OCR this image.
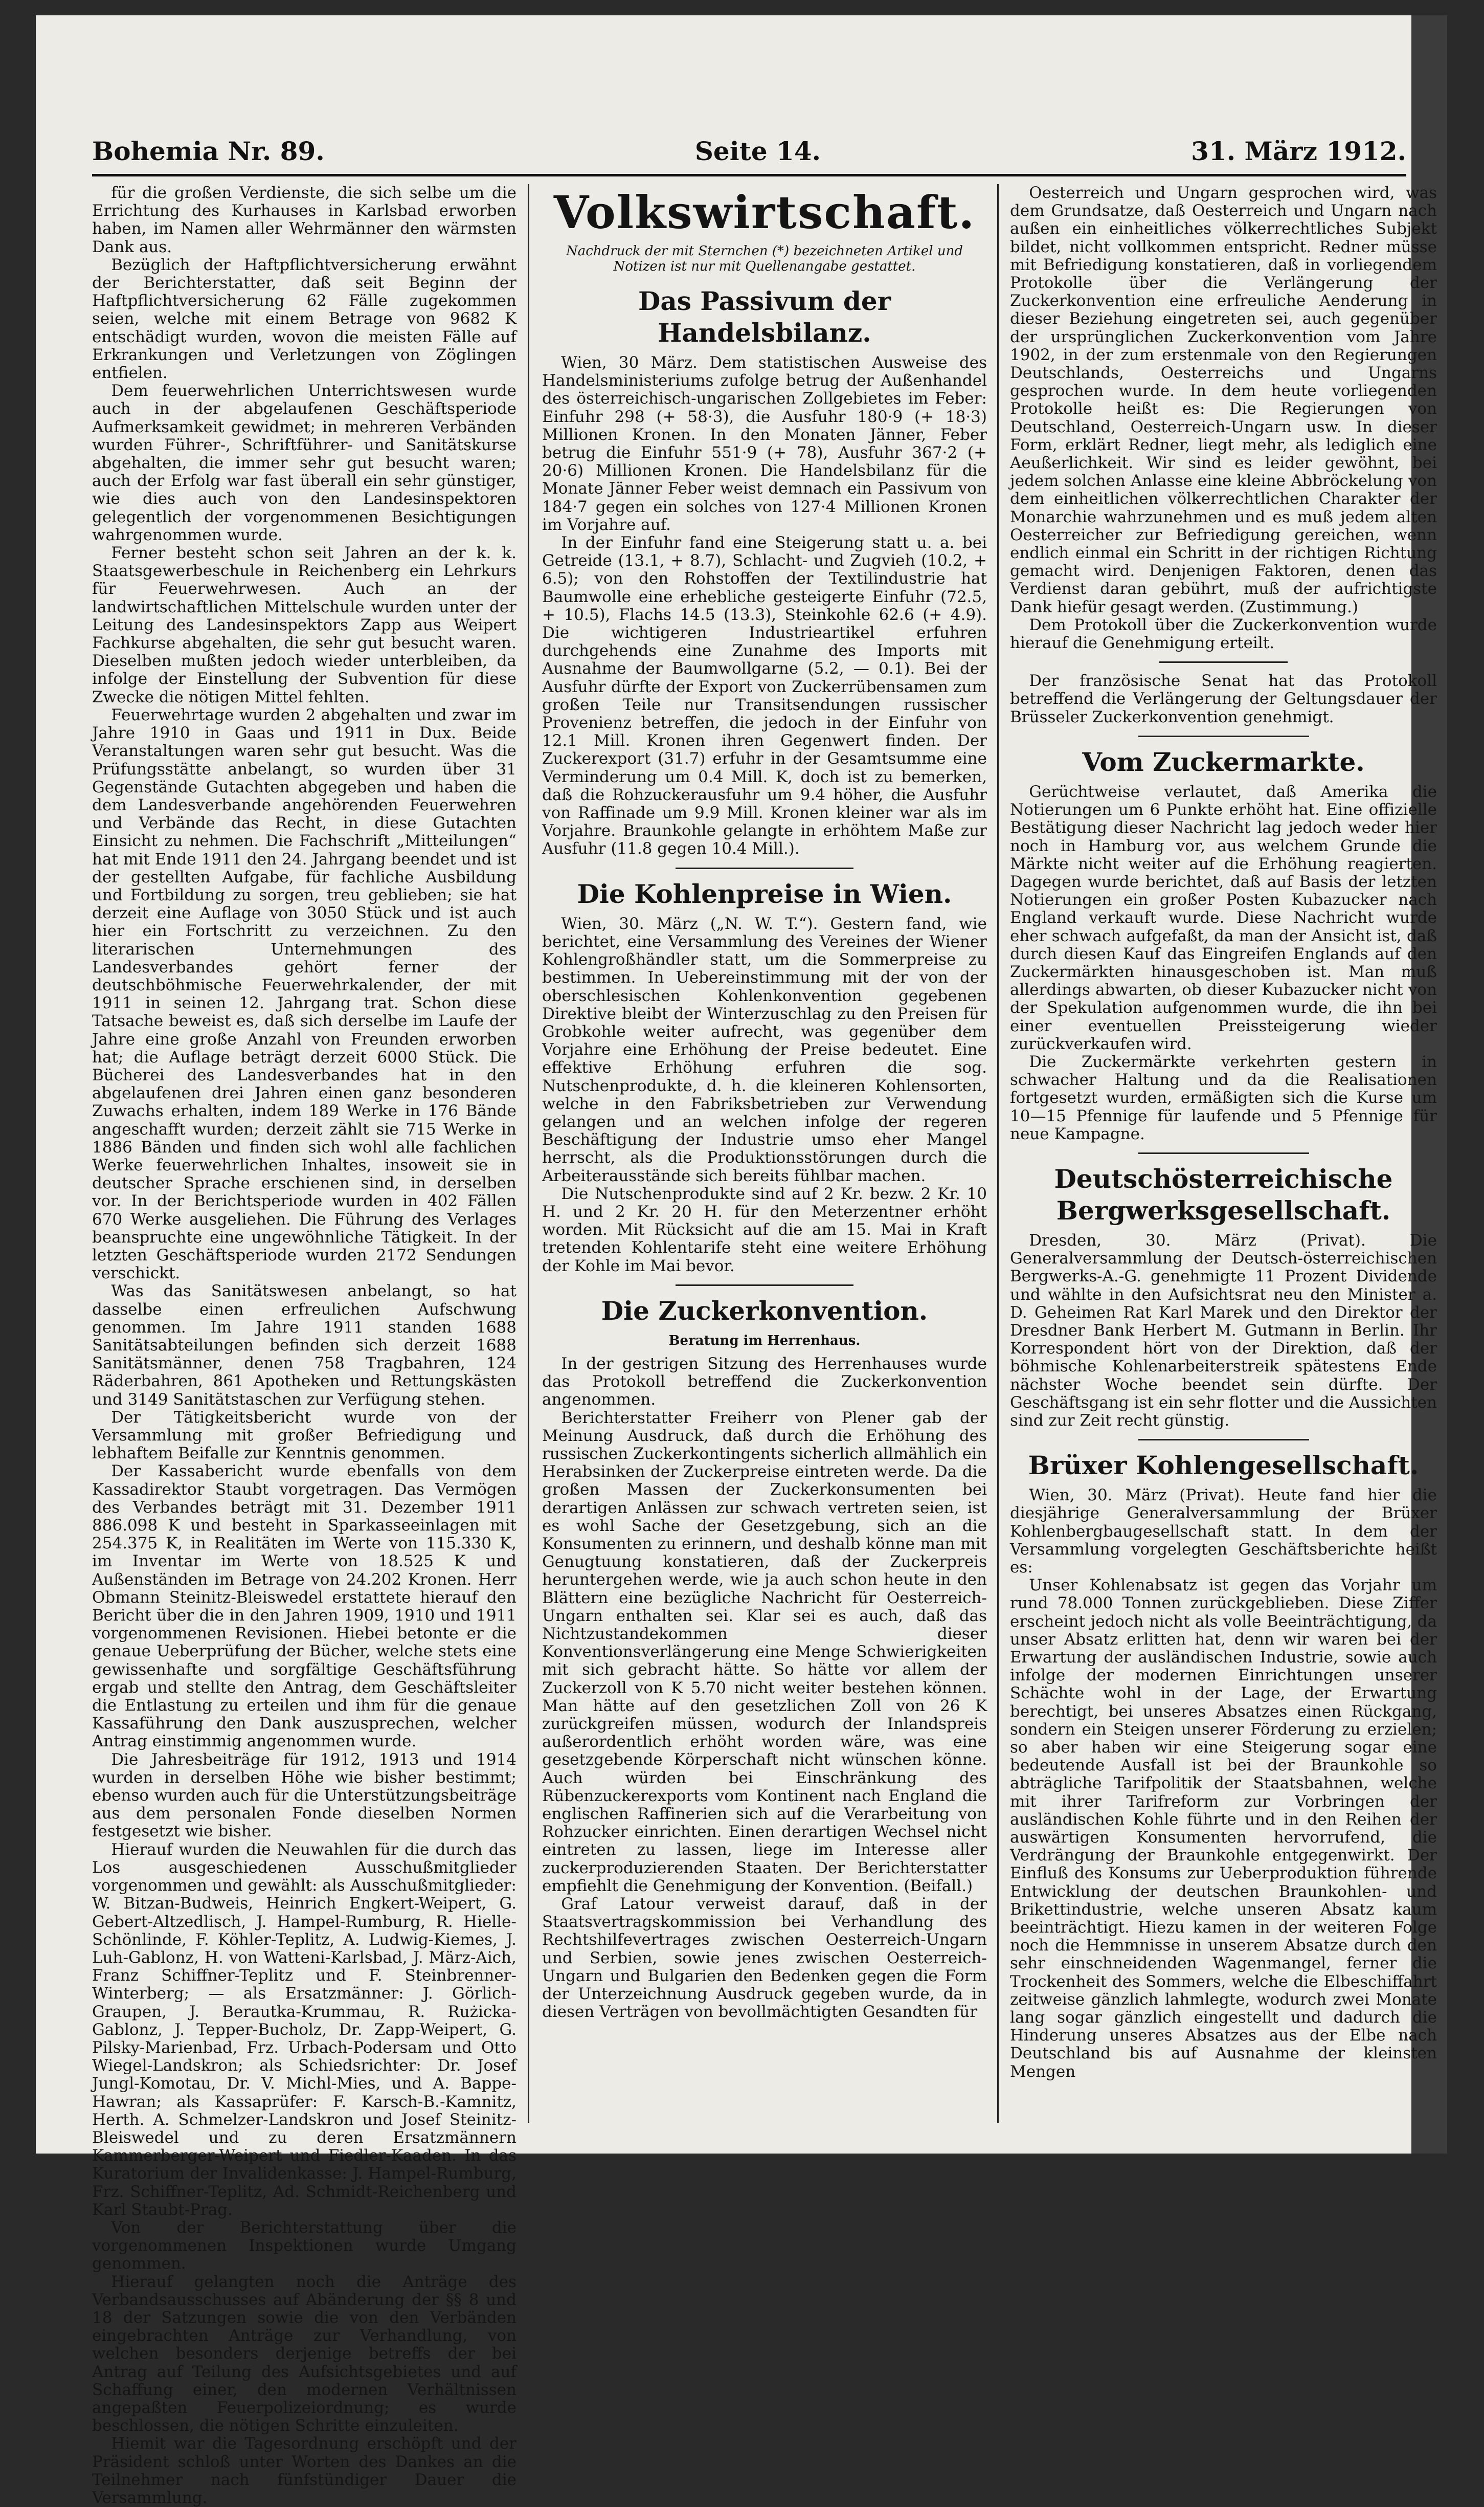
Bohemia Nr. 89.	Seite 14.	31. März 1912.

für die großen Verdienste, die sich selbe um die Errichtung des Kurhauses in Karlsbad erworben haben, im Namen aller Wehrmänner den wärmsten Dank aus.

Bezüglich der Haftpflichtversicherung erwähnt der Berichterstatter, daß seit Beginn der Haftpflichtversicherung 62 Fälle zugekommen seien, welche mit einem Betrage von 9682 K entschädigt wurden, wovon die meisten Fälle auf Erkrankungen und Verletzungen von Zöglingen entfielen.

Dem feuerwehrlichen Unterrichtswesen wurde auch in der abgelaufenen Geschäftsperiode Aufmerksamkeit gewidmet; in mehreren Verbänden wurden Führer-, Schriftführer- und Sanitätskurse abgehalten, die immer sehr gut besucht waren; auch der Erfolg war fast überall ein sehr günstiger, wie dies auch von den Landesinspektoren gelegentlich der vorgenommenen Besichtigungen wahrgenommen wurde.

Ferner besteht schon seit Jahren an der k. k. Staatsgewerbeschule in Reichenberg ein Lehrkurs für Feuerwehrwesen. Auch an der landwirtschaftlichen Mittelschule wurden unter der Leitung des Landesinspektors Zapp aus Weipert Fachkurse abgehalten, die sehr gut besucht waren. Dieselben mußten jedoch wieder unterbleiben, da infolge der Einstellung der Subvention für diese Zwecke die nötigen Mittel fehlten.

Feuerwehrtage wurden 2 abgehalten und zwar im Jahre 1910 in Gaas und 1911 in Dux. Beide Veranstaltungen waren sehr gut besucht. Was die Prüfungsstätte anbelangt, so wurden über 31 Gegenstände Gutachten abgegeben und haben die dem Landesverbande angehörenden Feuerwehren und Verbände das Recht, in diese Gutachten Einsicht zu nehmen. Die Fachschrift „Mitteilungen“ hat mit Ende 1911 den 24. Jahrgang beendet und ist der gestellten Aufgabe, für fachliche Ausbildung und Fortbildung zu sorgen, treu geblieben; sie hat derzeit eine Auflage von 3050 Stück und ist auch hier ein Fortschritt zu verzeichnen. Zu den literarischen Unternehmungen des Landesverbandes gehört ferner der deutschböhmische Feuerwehrkalender, der mit 1911 in seinen 12. Jahrgang trat. Schon diese Tatsache beweist es, daß sich derselbe im Laufe der Jahre eine große Anzahl von Freunden erworben hat; die Auflage beträgt derzeit 6000 Stück. Die Bücherei des Landesverbandes hat in den abgelaufenen drei Jahren einen ganz besonderen Zuwachs erhalten, indem 189 Werke in 176 Bände angeschafft wurden; derzeit zählt sie 715 Werke in 1886 Bänden und finden sich wohl alle fachlichen Werke feuerwehrlichen Inhaltes, insoweit sie in deutscher Sprache erschienen sind, in derselben vor. In der Berichtsperiode wurden in 402 Fällen 670 Werke ausgeliehen. Die Führung des Verlages beanspruchte eine ungewöhnliche Tätigkeit. In der letzten Geschäftsperiode wurden 2172 Sendungen verschickt.

Was das Sanitätswesen anbelangt, so hat dasselbe einen erfreulichen Aufschwung genommen. Im Jahre 1911 standen 1688 Sanitätsabteilungen befinden sich derzeit 1688 Sanitätsmänner, denen 758 Tragbahren, 124 Räderbahren, 861 Apotheken und Rettungskästen und 3149 Sanitätstaschen zur Verfügung stehen.

Der Tätigkeitsbericht wurde von der Versammlung mit großer Befriedigung und lebhaftem Beifalle zur Kenntnis genommen.

Der Kassabericht wurde ebenfalls von dem Kassadirektor Staubt vorgetragen. Das Vermögen des Verbandes beträgt mit 31. Dezember 1911 886.098 K und besteht in Sparkasseeinlagen mit 254.375 K, in Realitäten im Werte von 115.330 K, im Inventar im Werte von 18.525 K und Außenständen im Betrage von 24.202 Kronen. Herr Obmann Steinitz-Bleiswedel erstattete hierauf den Bericht über die in den Jahren 1909, 1910 und 1911 vorgenommenen Revisionen. Hiebei betonte er die genaue Ueberprüfung der Bücher, welche stets eine gewissenhafte und sorgfältige Geschäftsführung ergab und stellte den Antrag, dem Geschäftsleiter die Entlastung zu erteilen und ihm für die genaue Kassaführung den Dank auszusprechen, welcher Antrag einstimmig angenommen wurde.

Die Jahresbeiträge für 1912, 1913 und 1914 wurden in derselben Höhe wie bisher bestimmt; ebenso wurden auch für die Unterstützungsbeiträge aus dem personalen Fonde dieselben Normen festgesetzt wie bisher.

Hierauf wurden die Neuwahlen für die durch das Los ausgeschiedenen Ausschußmitglieder vorgenommen und gewählt: als Ausschußmitglieder: W. Bitzan-Budweis, Heinrich Engkert-Weipert, G. Gebert-Altzedlisch, J. Hampel-Rumburg, R. Hielle-Schönlinde, F. Köhler-Teplitz, A. Ludwig-Kiemes, J. Luh-Gablonz, H. von Watteni-Karlsbad, J. März-Aich, Franz Schiffner-Teplitz und F. Steinbrenner-Winterberg; — als Ersatzmänner: J. Görlich-Graupen, J. Berautka-Krummau, R. Rużicka-Gablonz, J. Tepper-Bucholz, Dr. Zapp-Weipert, G. Pilsky-Marienbad, Frz. Urbach-Podersam und Otto Wiegel-Landskron; als Schiedsrichter: Dr. Josef Jungl-Komotau, Dr. V. Michl-Mies, und A. Bappe-Hawran; als Kassaprüfer: F. Karsch-B.-Kamnitz, Herth. A. Schmelzer-Landskron und Josef Steinitz-Bleiswedel und zu deren Ersatzmännern Kammerberger-Weipert und Fiedler-Kaaden. In das Kuratorium der Invalidenkasse: J. Hampel-Rumburg, Frz. Schiffner-Teplitz, Ad. Schmidt-Reichenberg und Karl Staubt-Prag.

Von der Berichterstattung über die vorgenommenen Inspektionen wurde Umgang genommen.

Hierauf gelangten noch die Anträge des Verbandsausschusses auf Abänderung der §§ 8 und 18 der Satzungen sowie die von den Verbänden eingebrachten Anträge zur Verhandlung, von welchen besonders derjenige betreffs der bei Antrag auf Teilung des Aufsichtsgebietes und auf Schaffung einer, den modernen Verhältnissen angepaßten Feuerpolizeiordnung; es wurde beschlossen, die nötigen Schritte einzuleiten.

Hiemit war die Tagesordnung erschöpft und der Präsident schloß unter Worten des Dankes an die Teilnehmer nach fünfstündiger Dauer die Versammlung.

Volkswirtschaft.
Nachdruck der mit Sternchen (*) bezeichneten Artikel und Notizen ist nur mit Quellenangabe gestattet.
Das Passivum der Handelsbilanz.

Wien, 30 März. Dem statistischen Ausweise des Handelsministeriums zufolge betrug der Außenhandel des österreichisch-ungarischen Zollgebietes im Feber: Einfuhr 298 (+ 58·3), die Ausfuhr 180·9 (+ 18·3) Millionen Kronen. In den Monaten Jänner, Feber betrug die Einfuhr 551·9 (+ 78), Ausfuhr 367·2 (+ 20·6) Millionen Kronen. Die Handelsbilanz für die Monate Jänner Feber weist demnach ein Passivum von 184·7 gegen ein solches von 127·4 Millionen Kronen im Vorjahre auf.

In der Einfuhr fand eine Steigerung statt u. a. bei Getreide (13.1, + 8.7), Schlacht- und Zugvieh (10.2, + 6.5); von den Rohstoffen der Textilindustrie hat Baumwolle eine erhebliche gesteigerte Einfuhr (72.5, + 10.5), Flachs 14.5 (13.3), Steinkohle 62.6 (+ 4.9). Die wichtigeren Industrieartikel erfuhren durchgehends eine Zunahme des Imports mit Ausnahme der Baumwollgarne (5.2, — 0.1). Bei der Ausfuhr dürfte der Export von Zuckerrübensamen zum großen Teile nur Transitsendungen russischer Provenienz betreffen, die jedoch in der Einfuhr von 12.1 Mill. Kronen ihren Gegenwert finden. Der Zuckerexport (31.7) erfuhr in der Gesamtsumme eine Verminderung um 0.4 Mill. K, doch ist zu bemerken, daß die Rohzuckerausfuhr um 9.4 höher, die Ausfuhr von Raffinade um 9.9 Mill. Kronen kleiner war als im Vorjahre. Braunkohle gelangte in erhöhtem Maße zur Ausfuhr (11.8 gegen 10.4 Mill.).

Die Kohlenpreise in Wien.

Wien, 30. März („N. W. T.“). Gestern fand, wie berichtet, eine Versammlung des Vereines der Wiener Kohlengroßhändler statt, um die Sommerpreise zu bestimmen. In Uebereinstimmung mit der von der oberschlesischen Kohlenkonvention gegebenen Direktive bleibt der Winterzuschlag zu den Preisen für Grobkohle weiter aufrecht, was gegenüber dem Vorjahre eine Erhöhung der Preise bedeutet. Eine effektive Erhöhung erfuhren die sog. Nutschenprodukte, d. h. die kleineren Kohlensorten, welche in den Fabriksbetrieben zur Verwendung gelangen und an welchen infolge der regeren Beschäftigung der Industrie umso eher Mangel herrscht, als die Produktionsstörungen durch die Arbeiterausstände sich bereits fühlbar machen.

Die Nutschenprodukte sind auf 2 Kr. bezw. 2 Kr. 10 H. und 2 Kr. 20 H. für den Meterzentner erhöht worden. Mit Rücksicht auf die am 15. Mai in Kraft tretenden Kohlentarife steht eine weitere Erhöhung der Kohle im Mai bevor.

Die Zuckerkonvention.
Beratung im Herrenhaus.

In der gestrigen Sitzung des Herrenhauses wurde das Protokoll betreffend die Zuckerkonvention angenommen.

Berichterstatter Freiherr von Plener gab der Meinung Ausdruck, daß durch die Erhöhung des russischen Zuckerkontingents sicherlich allmählich ein Herabsinken der Zuckerpreise eintreten werde. Da die großen Massen der Zuckerkonsumenten bei derartigen Anlässen zur schwach vertreten seien, ist es wohl Sache der Gesetzgebung, sich an die Konsumenten zu erinnern, und deshalb könne man mit Genugtuung konstatieren, daß der Zuckerpreis heruntergehen werde, wie ja auch schon heute in den Blättern eine bezügliche Nachricht für Oesterreich-Ungarn enthalten sei. Klar sei es auch, daß das Nichtzustandekommen dieser Konventionsverlängerung eine Menge Schwierigkeiten mit sich gebracht hätte. So hätte vor allem der Zuckerzoll von K 5.70 nicht weiter bestehen können. Man hätte auf den gesetzlichen Zoll von 26 K zurückgreifen müssen, wodurch der Inlandspreis außerordentlich erhöht worden wäre, was eine gesetzgebende Körperschaft nicht wünschen könne. Auch würden bei Einschränkung des Rübenzuckerexports vom Kontinent nach England die englischen Raffinerien sich auf die Verarbeitung von Rohzucker einrichten. Einen derartigen Wechsel nicht eintreten zu lassen, liege im Interesse aller zuckerproduzierenden Staaten. Der Berichterstatter empfiehlt die Genehmigung der Konvention. (Beifall.)

Graf Latour verweist darauf, daß in der Staatsvertragskommission bei Verhandlung des Rechtshilfevertrages zwischen Oesterreich-Ungarn und Serbien, sowie jenes zwischen Oesterreich-Ungarn und Bulgarien den Bedenken gegen die Form der Unterzeichnung Ausdruck gegeben wurde, da in diesen Verträgen von bevollmächtigten Gesandten für

Oesterreich und Ungarn gesprochen wird, was dem Grundsatze, daß Oesterreich und Ungarn nach außen ein einheitliches völkerrechtliches Subjekt bildet, nicht vollkommen entspricht. Redner müsse mit Befriedigung konstatieren, daß in vorliegendem Protokolle über die Verlängerung der Zuckerkonvention eine erfreuliche Aenderung in dieser Beziehung eingetreten sei, auch gegenüber der ursprünglichen Zuckerkonvention vom Jahre 1902, in der zum erstenmale von den Regierungen Deutschlands, Oesterreichs und Ungarns gesprochen wurde. In dem heute vorliegenden Protokolle heißt es: Die Regierungen von Deutschland, Oesterreich-Ungarn usw. In dieser Form, erklärt Redner, liegt mehr, als lediglich eine Aeußerlichkeit. Wir sind es leider gewöhnt, bei jedem solchen Anlasse eine kleine Abbröckelung von dem einheitlichen völkerrechtlichen Charakter der Monarchie wahrzunehmen und es muß jedem alten Oesterreicher zur Befriedigung gereichen, wenn endlich einmal ein Schritt in der richtigen Richtung gemacht wird. Denjenigen Faktoren, denen das Verdienst daran gebührt, muß der aufrichtigste Dank hiefür gesagt werden. (Zustimmung.)

Dem Protokoll über die Zuckerkonvention wurde hierauf die Genehmigung erteilt.

Der französische Senat hat das Protokoll betreffend die Verlängerung der Geltungsdauer der Brüsseler Zuckerkonvention genehmigt.

Vom Zuckermarkte.

Gerüchtweise verlautet, daß Amerika die Notierungen um 6 Punkte erhöht hat. Eine offizielle Bestätigung dieser Nachricht lag jedoch weder hier noch in Hamburg vor, aus welchem Grunde die Märkte nicht weiter auf die Erhöhung reagierten. Dagegen wurde berichtet, daß auf Basis der letzten Notierungen ein großer Posten Kubazucker nach England verkauft wurde. Diese Nachricht wurde eher schwach aufgefaßt, da man der Ansicht ist, daß durch diesen Kauf das Eingreifen Englands auf den Zuckermärkten hinausgeschoben ist. Man muß allerdings abwarten, ob dieser Kubazucker nicht von der Spekulation aufgenommen wurde, die ihn bei einer eventuellen Preissteigerung wieder zurückverkaufen wird.

Die Zuckermärkte verkehrten gestern in schwacher Haltung und da die Realisationen fortgesetzt wurden, ermäßigten sich die Kurse um 10—15 Pfennige für laufende und 5 Pfennige für neue Kampagne.

Deutschösterreichische Bergwerksgesellschaft.

Dresden, 30. März (Privat). Die Generalversammlung der Deutsch-österreichischen Bergwerks-A.-G. genehmigte 11 Prozent Dividende und wählte in den Aufsichtsrat neu den Minister a. D. Geheimen Rat Karl Marek und den Direktor der Dresdner Bank Herbert M. Gutmann in Berlin. Ihr Korrespondent hört von der Direktion, daß der böhmische Kohlenarbeiterstreik spätestens Ende nächster Woche beendet sein dürfte. Der Geschäftsgang ist ein sehr flotter und die Aussichten sind zur Zeit recht günstig.

Brüxer Kohlengesellschaft.

Wien, 30. März (Privat). Heute fand hier die diesjährige Generalversammlung der Brüxer Kohlenbergbaugesellschaft statt. In dem der Versammlung vorgelegten Geschäftsberichte heißt es:

Unser Kohlenabsatz ist gegen das Vorjahr um rund 78.000 Tonnen zurückgeblieben. Diese Ziffer erscheint jedoch nicht als volle Beeinträchtigung, da unser Absatz erlitten hat, denn wir waren bei der Erwartung der ausländischen Industrie, sowie auch infolge der modernen Einrichtungen unserer Schächte wohl in der Lage, der Erwartung berechtigt, bei unseres Absatzes einen Rückgang, sondern ein Steigen unserer Förderung zu erzielen; so aber haben wir eine Steigerung sogar eine bedeutende Ausfall ist bei der Braunkohle so abträgliche Tarifpolitik der Staatsbahnen, welche mit ihrer Tarifreform zur Vorbringen der ausländischen Kohle führte und in den Reihen der auswärtigen Konsumenten hervorrufend, die Verdrängung der Braunkohle entgegenwirkt. Der Einfluß des Konsums zur Ueberproduktion führende Entwicklung der deutschen Braunkohlen- und Brikettindustrie, welche unseren Absatz kaum beeinträchtigt. Hiezu kamen in der weiteren Folge noch die Hemmnisse in unserem Absatze durch den sehr einschneidenden Wagenmangel, ferner die Trockenheit des Sommers, welche die Elbeschiffahrt zeitweise gänzlich lahmlegte, wodurch zwei Monate lang sogar gänzlich eingestellt und dadurch die Hinderung unseres Absatzes aus der Elbe nach Deutschland bis auf Ausnahme der kleinsten Mengen
